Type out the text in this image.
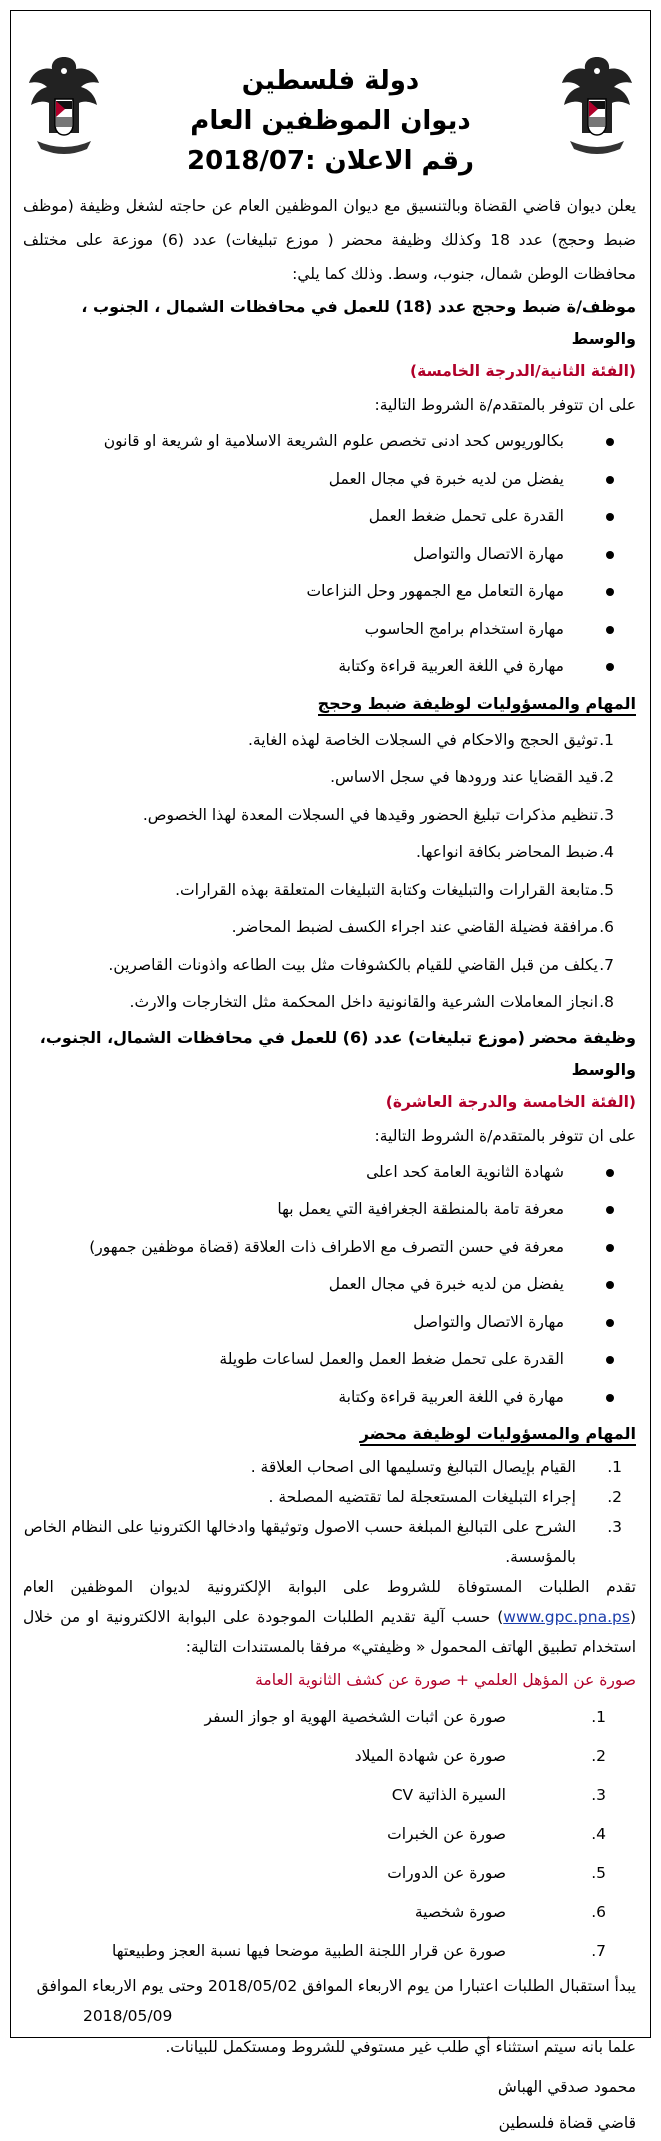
دولة فلسطين
ديوان الموظفين العام
رقم الاعلان :2018/07

يعلن ديوان قاضي القضاة وبالتنسيق مع ديوان الموظفين العام عن حاجته لشغل وظيفة (موظف ضبط وحجج) عدد 18 وكذلك وظيفة محضر ( موزع تبليغات) عدد (6) موزعة على مختلف محافظات الوطن شمال، جنوب، وسط. وذلك كما يلي:

موظف/ة ضبط وحجج عدد (18) للعمل في محافظات الشمال ، الجنوب ، والوسط

(الفئة الثانية/الدرجة الخامسة)

على ان تتوفر بالمتقدم/ة الشروط التالية:

بكالوريوس كحد ادنى تخصص علوم الشريعة الاسلامية او شريعة او قانون
يفضل من لديه خبرة في مجال العمل
القدرة على تحمل ضغط العمل
مهارة الاتصال والتواصل
مهارة التعامل مع الجمهور وحل النزاعات
مهارة استخدام برامج الحاسوب
مهارة في اللغة العربية قراءة وكتابة

المهام والمسؤوليات لوظيفة ضبط وحجج

1.
توثيق الحجج والاحكام في السجلات الخاصة لهذه الغاية.
2.
قيد القضايا عند ورودها في سجل الاساس.
3.
تنظيم مذكرات تبليغ الحضور وقيدها في السجلات المعدة لهذا الخصوص.
4.
ضبط المحاضر بكافة انواعها.
5.
متابعة القرارات والتبليغات وكتابة التبليغات المتعلقة بهذه القرارات.
6.
مرافقة فضيلة القاضي عند اجراء الكسف لضبط المحاضر.
7.
يكلف من قبل القاضي للقيام بالكشوفات مثل بيت الطاعه واذونات القاصرين.
8.
انجاز المعاملات الشرعية والقانونية داخل المحكمة مثل التخارجات والارث.

وظيفة محضر (موزع تبليغات) عدد (6) للعمل في محافظات الشمال، الجنوب، والوسط

(الفئة الخامسة والدرجة العاشرة)

على ان تتوفر بالمتقدم/ة الشروط التالية:

شهادة الثانوية العامة كحد اعلى
معرفة تامة بالمنطقة الجغرافية التي يعمل بها
معرفة في حسن التصرف مع الاطراف ذات العلاقة (قضاة موظفين جمهور)
يفضل من لديه خبرة في مجال العمل
مهارة الاتصال والتواصل
القدرة على تحمل ضغط العمل والعمل لساعات طويلة
مهارة في اللغة العربية قراءة وكتابة

المهام والمسؤوليات لوظيفة محضر

1.
القيام بإيصال التبالبغ وتسليمها الى اصحاب العلاقة .
2.
إجراء التبليغات المستعجلة لما تقتضيه المصلحة .
3.
الشرح على التبالبغ المبلغة حسب الاصول وتوثيقها وادخالها الكترونيا على النظام الخاص بالمؤسسة.

تقدم الطلبات المستوفاة للشروط على البوابة الإلكترونية لديوان الموظفين العام (www.gpc.pna.ps) حسب آلية تقديم الطلبات الموجودة على البوابة الالكترونية او من خلال استخدام تطبيق الهاتف المحمول « وظيفتي» مرفقا بالمستندات التالية:

صورة عن المؤهل العلمي + صورة عن كشف الثانوية العامة

1.
صورة عن اثبات الشخصية الهوية او جواز السفر
2.
صورة عن شهادة الميلاد
3.
السيرة الذاتية CV
4.
صورة عن الخبرات
5.
صورة عن الدورات
6.
صورة شخصية
7.
صورة عن قرار اللجنة الطبية موضحا فيها نسبة العجز وطبيعتها

يبدأ استقبال الطلبات اعتبارا من يوم الاربعاء الموافق 2018/05/02 وحتى يوم الاربعاء الموافق

2018/05/09

علما بانه سيتم استثناء أي طلب غير مستوفي للشروط ومستكمل للبيانات.

محمود صدقي الهباش
قاضي قضاة فلسطين
